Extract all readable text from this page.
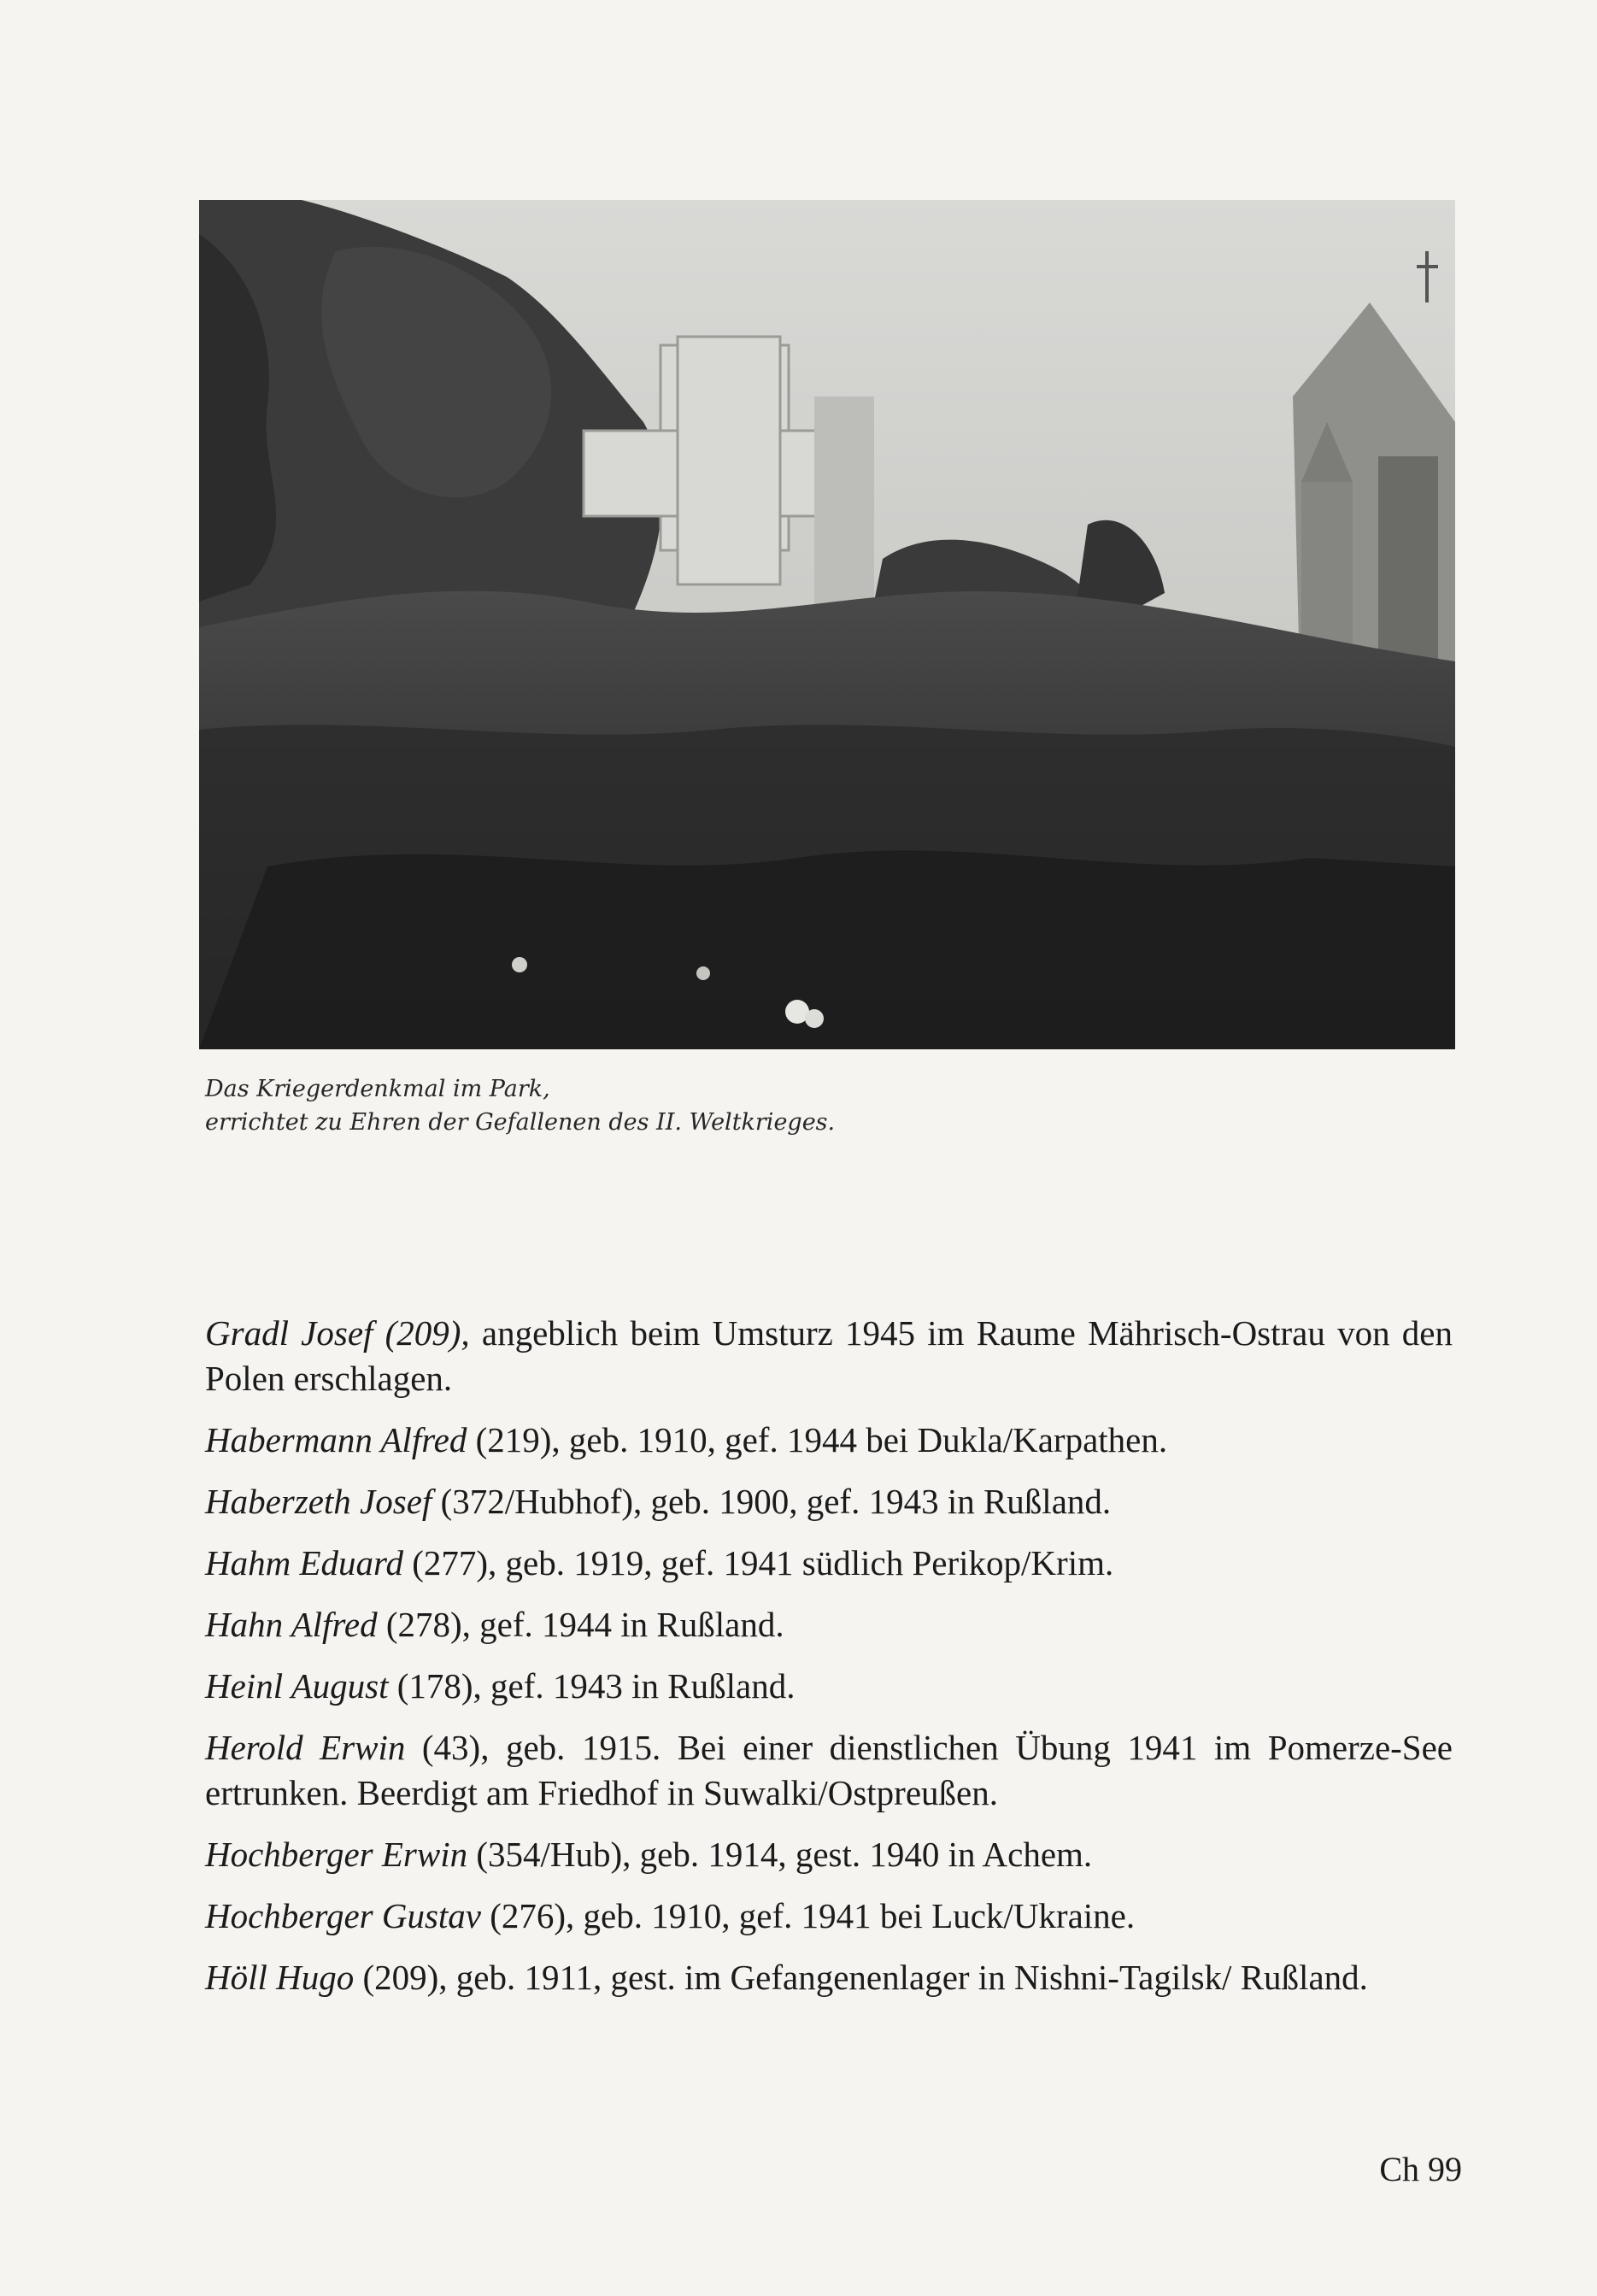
Das Kriegerdenkmal im Park,
errichtet zu Ehren der Gefallenen des II. Weltkrieges.
Gradl Josef (209), angeblich beim Umsturz 1945 im Raume Mährisch-Ostrau von den Polen erschlagen.
Habermann Alfred (219), geb. 1910, gef. 1944 bei Dukla/Karpathen.
Haberzeth Josef (372/Hubhof), geb. 1900, gef. 1943 in Rußland.
Hahm Eduard (277), geb. 1919, gef. 1941 südlich Perikop/Krim.
Hahn Alfred (278), gef. 1944 in Rußland.
Heinl August (178), gef. 1943 in Rußland.
Herold Erwin (43), geb. 1915. Bei einer dienstlichen Übung 1941 im Pomerze-See ertrunken. Beerdigt am Friedhof in Suwalki/Ostpreußen.
Hochberger Erwin (354/Hub), geb. 1914, gest. 1940 in Achem.
Hochberger Gustav (276), geb. 1910, gef. 1941 bei Luck/Ukraine.
Höll Hugo (209), geb. 1911, gest. im Gefangenenlager in Nishni-Tagilsk/ Rußland.
Ch 99
